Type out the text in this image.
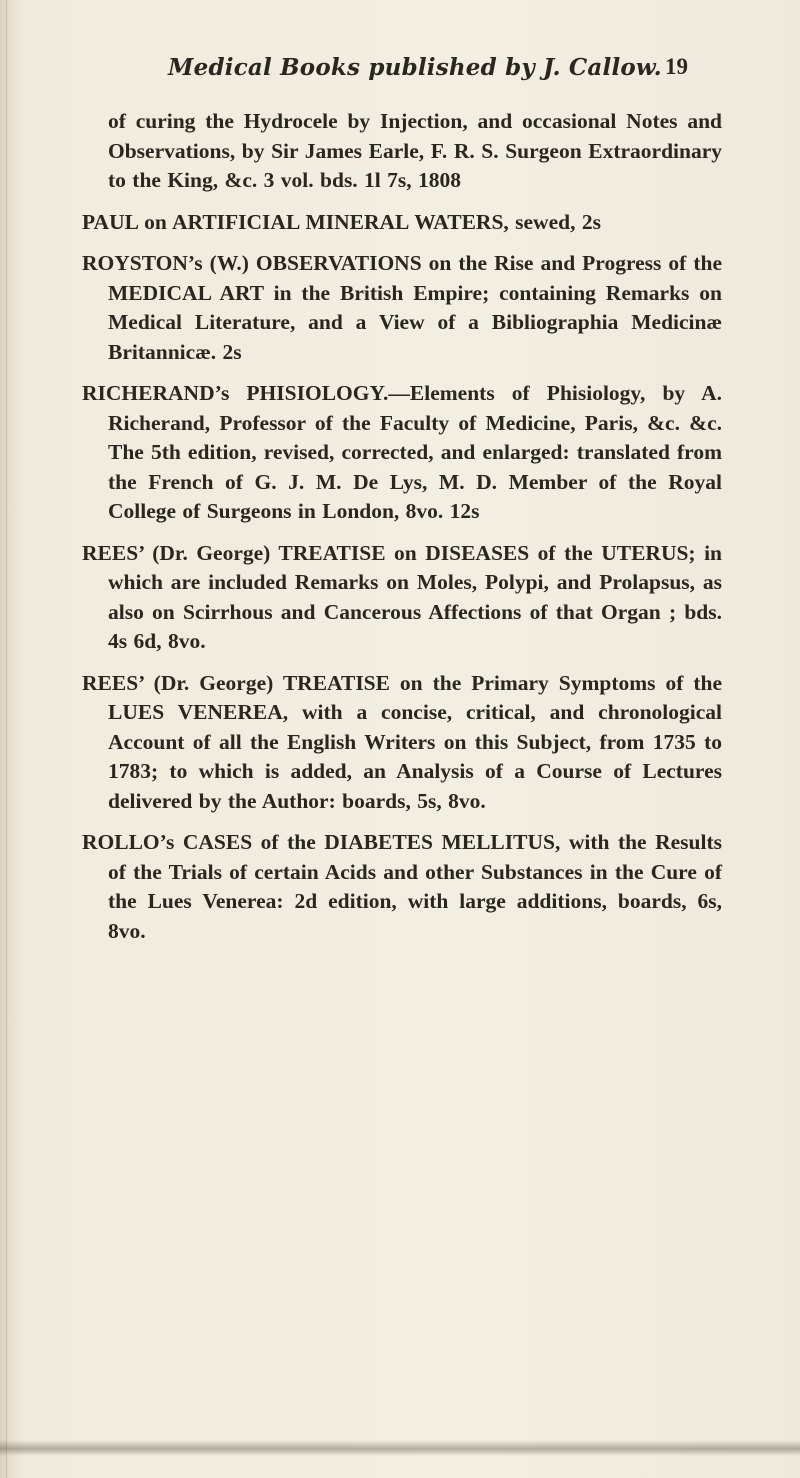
Medical Books published by J. Callow. 19

of curing the Hydrocele by Injection, and occasional Notes and Observations, by Sir James Earle, F. R. S. Surgeon Extraordinary to the King, &c. 3 vol. bds. 1l 7s, 1808

PAUL on ARTIFICIAL MINERAL WATERS, sewed, 2s

ROYSTON’s (W.) OBSERVATIONS on the Rise and Progress of the MEDICAL ART in the British Empire; containing Remarks on Medical Literature, and a View of a Bibliographia Medicinæ Britannicæ. 2s

RICHERAND’s PHISIOLOGY.—Elements of Phisiology, by A. Richerand, Professor of the Faculty of Medicine, Paris, &c. &c. The 5th edition, revised, corrected, and enlarged: translated from the French of G. J. M. De Lys, M. D. Member of the Royal College of Surgeons in London, 8vo. 12s

REES’ (Dr. George) TREATISE on DISEASES of the UTERUS; in which are included Remarks on Moles, Polypi, and Prolapsus, as also on Scirrhous and Cancerous Affections of that Organ ; bds. 4s 6d, 8vo.

REES’ (Dr. George) TREATISE on the Primary Symptoms of the LUES VENEREA, with a concise, critical, and chronological Account of all the English Writers on this Subject, from 1735 to 1783; to which is added, an Analysis of a Course of Lectures delivered by the Author: boards, 5s, 8vo.

ROLLO’s CASES of the DIABETES MELLITUS, with the Results of the Trials of certain Acids and other Substances in the Cure of the Lues Venerea: 2d edition, with large additions, boards, 6s, 8vo.
